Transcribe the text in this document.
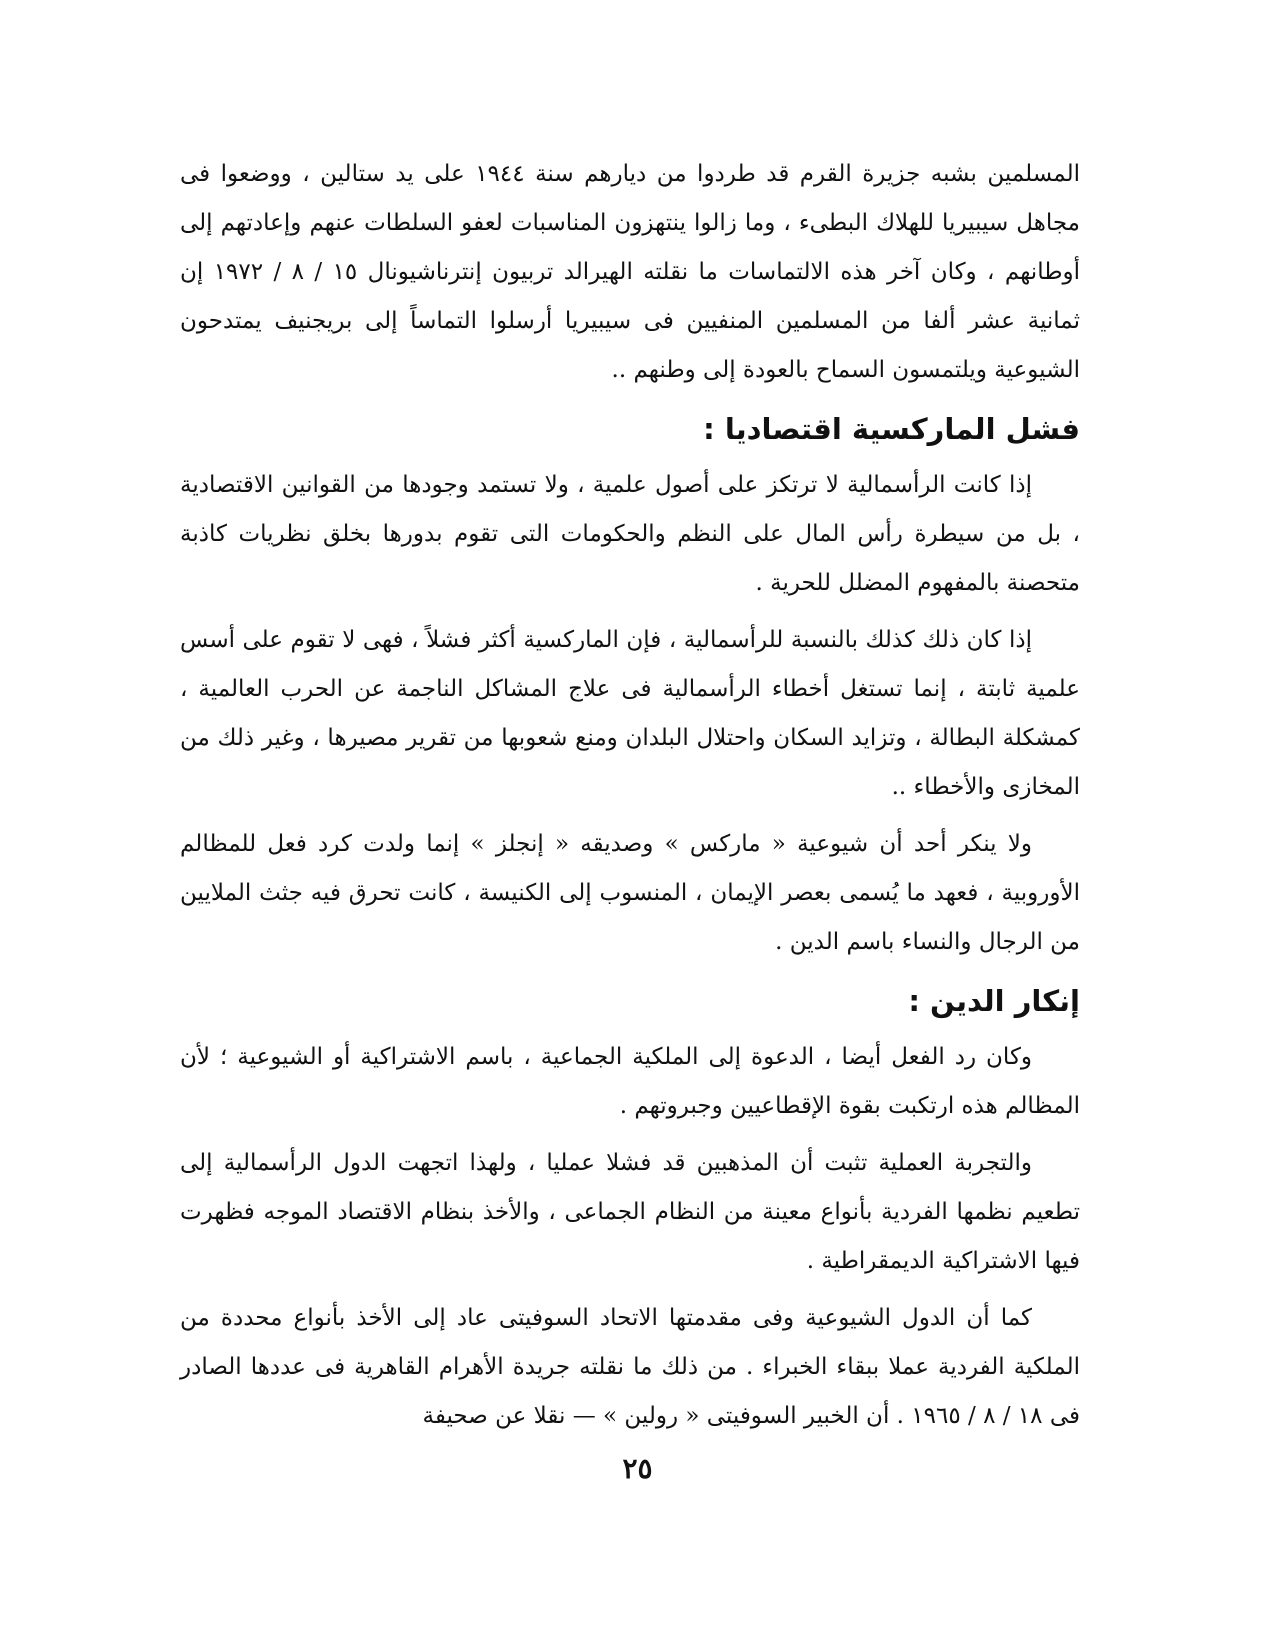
المسلمين بشبه جزيرة القرم قد طردوا من ديارهم سنة ١٩٤٤ على يد ستالين ، ووضعوا فى مجاهل سيبيريا للهلاك البطىء ، وما زالوا ينتهزون المناسبات لعفو السلطات عنهم وإعادتهم إلى أوطانهم ، وكان آخر هذه الالتماسات ما نقلته الهيرالد تربيون إنترناشيونال ١٥ / ٨ / ١٩٧٢ إن ثمانية عشر ألفا من المسلمين المنفيين فى سيبيريا أرسلوا التماساً إلى بريجنيف يمتدحون الشيوعية ويلتمسون السماح بالعودة إلى وطنهم ..

فشل الماركسية اقتصاديا :

إذا كانت الرأسمالية لا ترتكز على أصول علمية ، ولا تستمد وجودها من القوانين الاقتصادية ، بل من سيطرة رأس المال على النظم والحكومات التى تقوم بدورها بخلق نظريات كاذبة متحصنة بالمفهوم المضلل للحرية .

إذا كان ذلك كذلك بالنسبة للرأسمالية ، فإن الماركسية أكثر فشلاً ، فهى لا تقوم على أسس علمية ثابتة ، إنما تستغل أخطاء الرأسمالية فى علاج المشاكل الناجمة عن الحرب العالمية ، كمشكلة البطالة ، وتزايد السكان واحتلال البلدان ومنع شعوبها من تقرير مصيرها ، وغير ذلك من المخازى والأخطاء ..

ولا ينكر أحد أن شيوعية « ماركس » وصديقه « إنجلز » إنما ولدت كرد فعل للمظالم الأوروبية ، فعهد ما يُسمى بعصر الإيمان ، المنسوب إلى الكنيسة ، كانت تحرق فيه جثث الملايين من الرجال والنساء باسم الدين .

إنكار الدين :

وكان رد الفعل أيضا ، الدعوة إلى الملكية الجماعية ، باسم الاشتراكية أو الشيوعية ؛ لأن المظالم هذه ارتكبت بقوة الإقطاعيين وجبروتهم .

والتجربة العملية تثبت أن المذهبين قد فشلا عمليا ، ولهذا اتجهت الدول الرأسمالية إلى تطعيم نظمها الفردية بأنواع معينة من النظام الجماعى ، والأخذ بنظام الاقتصاد الموجه فظهرت فيها الاشتراكية الديمقراطية .

كما أن الدول الشيوعية وفى مقدمتها الاتحاد السوفيتى عاد إلى الأخذ بأنواع محددة من الملكية الفردية عملا ببقاء الخبراء . من ذلك ما نقلته جريدة الأهرام القاهرية فى عددها الصادر فى ١٨ / ٨ / ١٩٦٥ . أن الخبير السوفيتى « رولين » — نقلا عن صحيفة

٢٥
